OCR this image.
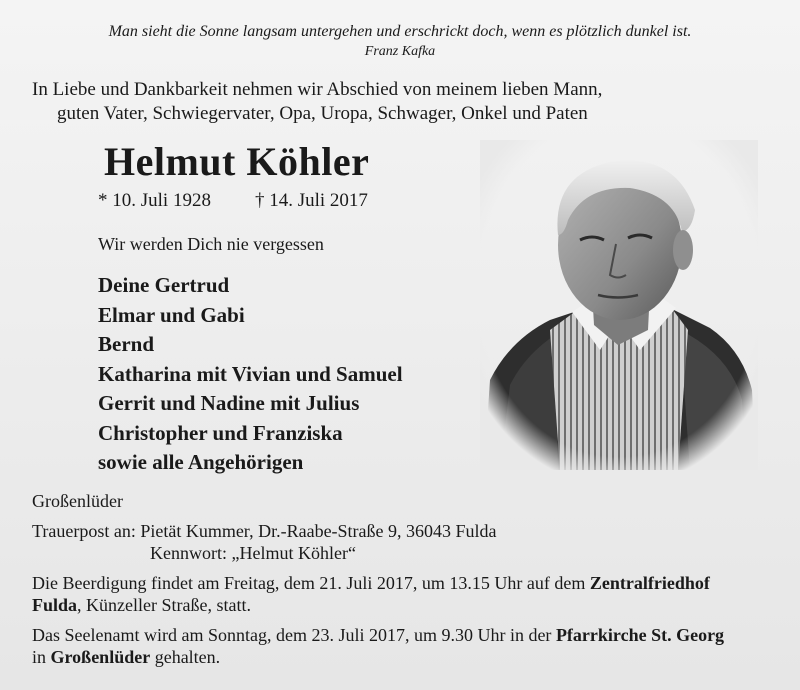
Man sieht die Sonne langsam untergehen und erschrickt doch, wenn es plötzlich dunkel ist.
Franz Kafka
In Liebe und Dankbarkeit nehmen wir Abschied von meinem lieben Mann,
guten Vater, Schwiegervater, Opa, Uropa, Schwager, Onkel und Paten
Helmut Köhler
* 10. Juli 1928 † 14. Juli 2017
Wir werden Dich nie vergessen
Deine Gertrud
Elmar und Gabi
Bernd
Katharina mit Vivian und Samuel
Gerrit und Nadine mit Julius
Christopher und Franziska
sowie alle Angehörigen

Großenlüder

Trauerpost an: Pietät Kummer, Dr.-Raabe-Straße 9, 36043 Fulda

Kennwort: „Helmut Köhler“

Die Beerdigung findet am Freitag, dem 21. Juli 2017, um 13.15 Uhr auf dem Zentralfriedhof
Fulda, Künzeller Straße, statt.

Das Seelenamt wird am Sonntag, dem 23. Juli 2017, um 9.30 Uhr in der Pfarrkirche St. Georg
in Großenlüder gehalten.
